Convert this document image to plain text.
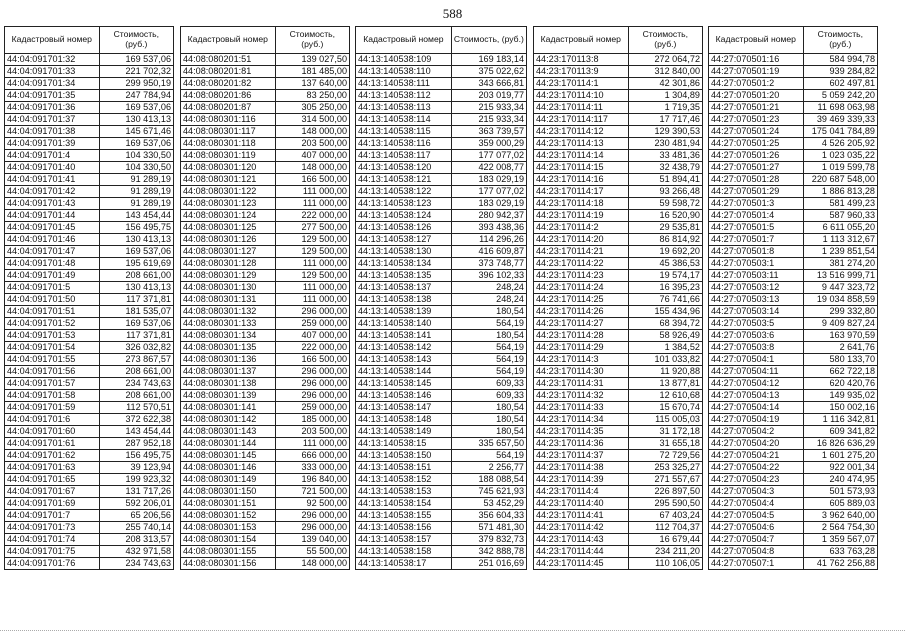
588
Кадастровый номер	Стоимость, (руб.)
44:04:091701:32	169 537,06
44:04:091701:33	221 702,32
44:04:091701:34	299 950,19
44:04:091701:35	247 784,94
44:04:091701:36	169 537,06
44:04:091701:37	130 413,13
44:04:091701:38	145 671,46
44:04:091701:39	169 537,06
44:04:091701:4	104 330,50
44:04:091701:40	104 330,50
44:04:091701:41	91 289,19
44:04:091701:42	91 289,19
44:04:091701:43	91 289,19
44:04:091701:44	143 454,44
44:04:091701:45	156 495,75
44:04:091701:46	130 413,13
44:04:091701:47	169 537,06
44:04:091701:48	195 619,69
44:04:091701:49	208 661,00
44:04:091701:5	130 413,13
44:04:091701:50	117 371,81
44:04:091701:51	181 535,07
44:04:091701:52	169 537,06
44:04:091701:53	117 371,81
44:04:091701:54	326 032,82
44:04:091701:55	273 867,57
44:04:091701:56	208 661,00
44:04:091701:57	234 743,63
44:04:091701:58	208 661,00
44:04:091701:59	112 570,51
44:04:091701:6	372 622,38
44:04:091701:60	143 454,44
44:04:091701:61	287 952,18
44:04:091701:62	156 495,75
44:04:091701:63	39 123,94
44:04:091701:65	199 923,32
44:04:091701:67	131 717,26
44:04:091701:69	592 206,01
44:04:091701:7	65 206,56
44:04:091701:73	255 740,14
44:04:091701:74	208 313,57
44:04:091701:75	432 971,58
44:04:091701:76	234 743,63
Кадастровый номер	Стоимость, (руб.)
44:08:080201:51	139 027,50
44:08:080201:81	181 485,00
44:08:080201:82	137 640,00
44:08:080201:86	83 250,00
44:08:080201:87	305 250,00
44:08:080301:116	314 500,00
44:08:080301:117	148 000,00
44:08:080301:118	203 500,00
44:08:080301:119	407 000,00
44:08:080301:120	148 000,00
44:08:080301:121	166 500,00
44:08:080301:122	111 000,00
44:08:080301:123	111 000,00
44:08:080301:124	222 000,00
44:08:080301:125	277 500,00
44:08:080301:126	129 500,00
44:08:080301:127	129 500,00
44:08:080301:128	111 000,00
44:08:080301:129	129 500,00
44:08:080301:130	111 000,00
44:08:080301:131	111 000,00
44:08:080301:132	296 000,00
44:08:080301:133	259 000,00
44:08:080301:134	407 000,00
44:08:080301:135	222 000,00
44:08:080301:136	166 500,00
44:08:080301:137	296 000,00
44:08:080301:138	296 000,00
44:08:080301:139	296 000,00
44:08:080301:141	259 000,00
44:08:080301:142	185 000,00
44:08:080301:143	203 500,00
44:08:080301:144	111 000,00
44:08:080301:145	666 000,00
44:08:080301:146	333 000,00
44:08:080301:149	196 840,00
44:08:080301:150	721 500,00
44:08:080301:151	92 500,00
44:08:080301:152	296 000,00
44:08:080301:153	296 000,00
44:08:080301:154	139 040,00
44:08:080301:155	55 500,00
44:08:080301:156	148 000,00
Кадастровый номер	Стоимость, (руб.)
44:13:140538:109	169 183,14
44:13:140538:110	375 022,62
44:13:140538:111	343 666,81
44:13:140538:112	203 019,77
44:13:140538:113	215 933,34
44:13:140538:114	215 933,34
44:13:140538:115	363 739,57
44:13:140538:116	359 000,29
44:13:140538:117	177 077,02
44:13:140538:120	422 008,77
44:13:140538:121	183 029,19
44:13:140538:122	177 077,02
44:13:140538:123	183 029,19
44:13:140538:124	280 942,37
44:13:140538:126	393 438,36
44:13:140538:127	114 296,26
44:13:140538:130	416 609,87
44:13:140538:134	373 748,77
44:13:140538:135	396 102,33
44:13:140538:137	248,24
44:13:140538:138	248,24
44:13:140538:139	180,54
44:13:140538:140	564,19
44:13:140538:141	180,54
44:13:140538:142	564,19
44:13:140538:143	564,19
44:13:140538:144	564,19
44:13:140538:145	609,33
44:13:140538:146	609,33
44:13:140538:147	180,54
44:13:140538:148	180,54
44:13:140538:149	180,54
44:13:140538:15	335 657,50
44:13:140538:150	564,19
44:13:140538:151	2 256,77
44:13:140538:152	188 088,54
44:13:140538:153	745 621,93
44:13:140538:154	53 452,29
44:13:140538:155	356 604,33
44:13:140538:156	571 481,30
44:13:140538:157	379 832,73
44:13:140538:158	342 888,78
44:13:140538:17	251 016,69
Кадастровый номер	Стоимость, (руб.)
44:23:170113:8	272 064,72
44:23:170113:9	312 840,00
44:23:170114:1	42 301,86
44:23:170114:10	1 304,89
44:23:170114:11	1 719,35
44:23:170114:117	17 717,46
44:23:170114:12	129 390,53
44:23:170114:13	230 481,94
44:23:170114:14	33 481,36
44:23:170114:15	32 438,79
44:23:170114:16	51 894,41
44:23:170114:17	93 266,48
44:23:170114:18	59 598,72
44:23:170114:19	16 520,90
44:23:170114:2	29 535,81
44:23:170114:20	86 814,92
44:23:170114:21	19 692,20
44:23:170114:22	45 386,53
44:23:170114:23	19 574,17
44:23:170114:24	16 395,23
44:23:170114:25	76 741,66
44:23:170114:26	155 434,96
44:23:170114:27	68 394,72
44:23:170114:28	58 926,49
44:23:170114:29	1 384,52
44:23:170114:3	101 033,82
44:23:170114:30	11 920,88
44:23:170114:31	13 877,81
44:23:170114:32	12 610,68
44:23:170114:33	15 670,74
44:23:170114:34	115 005,03
44:23:170114:35	31 172,18
44:23:170114:36	31 655,18
44:23:170114:37	72 729,56
44:23:170114:38	253 325,27
44:23:170114:39	271 557,67
44:23:170114:4	226 897,50
44:23:170114:40	295 590,50
44:23:170114:41	67 403,24
44:23:170114:42	112 704,37
44:23:170114:43	16 679,44
44:23:170114:44	234 211,20
44:23:170114:45	110 106,05
Кадастровый номер	Стоимость, (руб.)
44:27:070501:16	584 994,78
44:27:070501:19	939 284,82
44:27:070501:2	602 497,81
44:27:070501:20	5 059 242,20
44:27:070501:21	11 698 063,98
44:27:070501:23	39 469 339,33
44:27:070501:24	175 041 784,89
44:27:070501:25	4 526 205,92
44:27:070501:26	1 023 035,22
44:27:070501:27	1 019 599,78
44:27:070501:28	220 687 548,00
44:27:070501:29	1 886 813,28
44:27:070501:3	581 499,23
44:27:070501:4	587 960,33
44:27:070501:5	6 611 055,20
44:27:070501:7	1 113 312,67
44:27:070501:8	1 239 851,54
44:27:070503:1	381 274,20
44:27:070503:11	13 516 999,71
44:27:070503:12	9 447 323,72
44:27:070503:13	19 034 858,59
44:27:070503:14	299 332,80
44:27:070503:5	9 409 827,24
44:27:070503:6	163 970,59
44:27:070503:8	2 641,76
44:27:070504:1	580 133,70
44:27:070504:11	662 722,18
44:27:070504:12	620 420,76
44:27:070504:13	149 935,02
44:27:070504:14	150 002,16
44:27:070504:19	1 116 342,81
44:27:070504:2	609 341,82
44:27:070504:20	16 826 636,29
44:27:070504:21	1 601 275,20
44:27:070504:22	922 001,34
44:27:070504:23	240 474,95
44:27:070504:3	501 573,93
44:27:070504:4	605 889,03
44:27:070504:5	3 962 640,00
44:27:070504:6	2 564 754,30
44:27:070504:7	1 359 567,07
44:27:070504:8	633 763,28
44:27:070507:1	41 762 256,88
